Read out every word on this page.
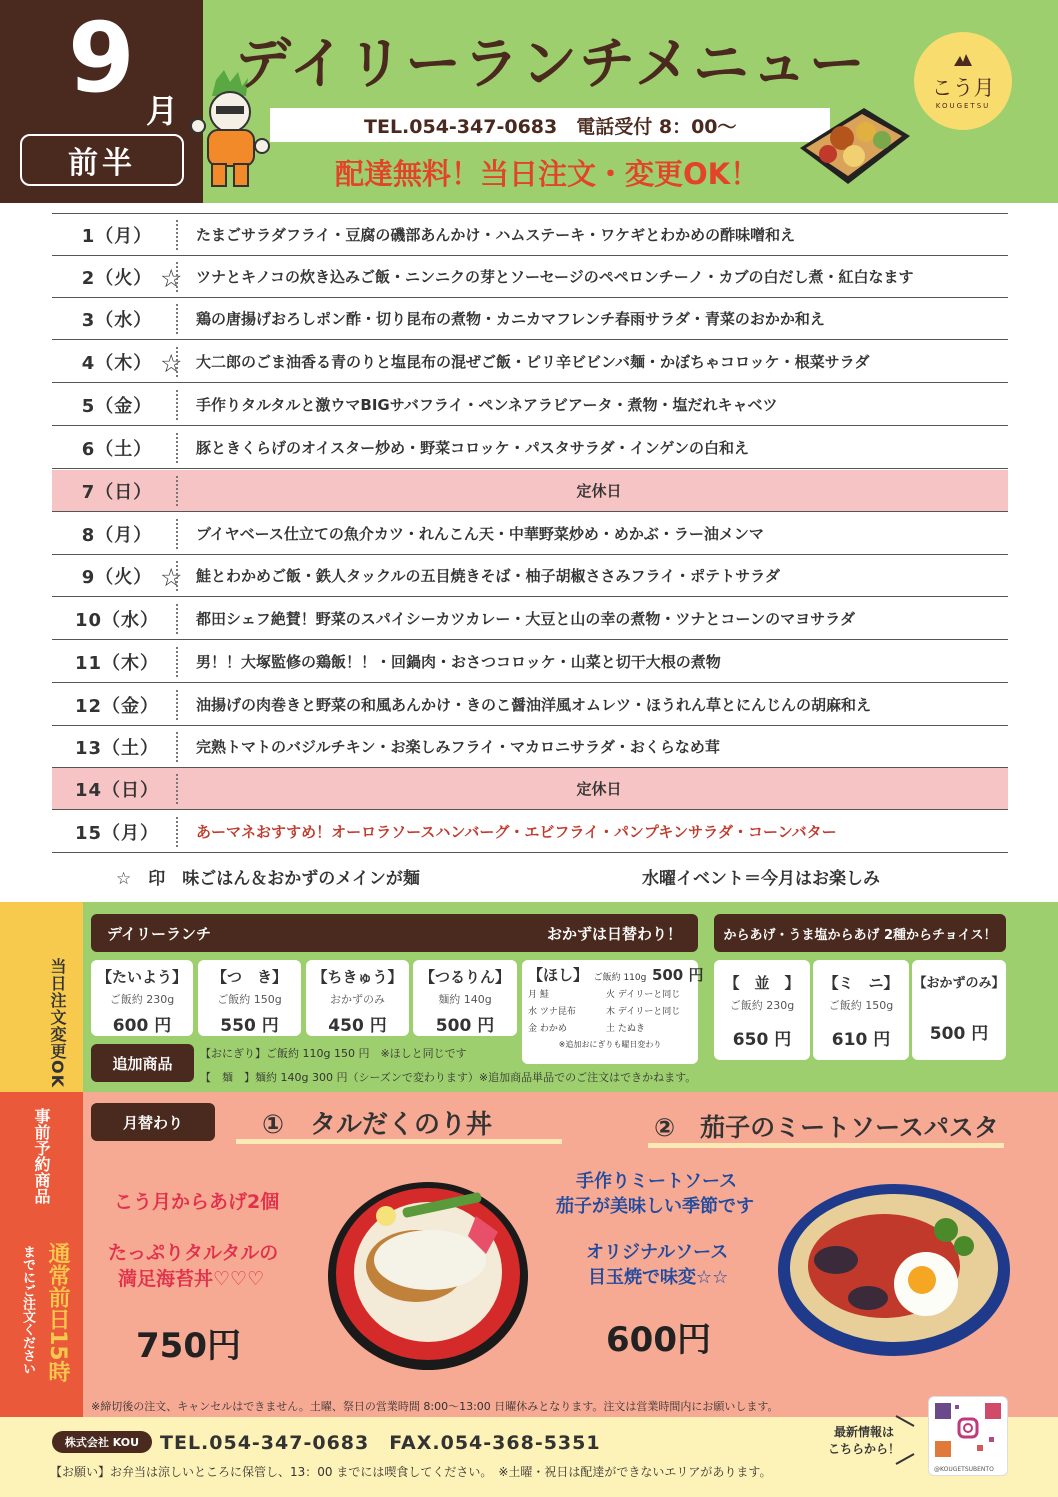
9 月
前半
デイリーランチメニュー
TEL.054-347-0683　電話受付 8：00〜
配達無料！当日注文・変更OK！
こう月
KOUGETSU
1（月）	たまごサラダフライ・豆腐の磯部あんかけ・ハムステーキ・ワケギとわかめの酢味噌和え
2（火） ☆ ツナとキノコの炊き込みご飯・ニンニクの芽とソーセージのペペロンチーノ・カブの白だし煮・紅白なます
3（水）	鶏の唐揚げおろしポン酢・切り昆布の煮物・カニカマフレンチ春雨サラダ・青菜のおかか和え
4（木） ☆ 大二郎のごま油香る青のりと塩昆布の混ぜご飯・ピリ辛ビビンバ麺・かぼちゃコロッケ・根菜サラダ
5（金）	手作りタルタルと激ウマBIGサバフライ・ペンネアラビアータ・煮物・塩だれキャベツ
6（土）	豚ときくらげのオイスター炒め・野菜コロッケ・パスタサラダ・インゲンの白和え
7（日）	定休日
8（月）	ブイヤベース仕立ての魚介カツ・れんこん天・中華野菜炒め・めかぶ・ラー油メンマ
9（火） ☆ 鮭とわかめご飯・鉄人タックルの五目焼きそば・柚子胡椒ささみフライ・ポテトサラダ
10（水）	都田シェフ絶賛！野菜のスパイシーカツカレー・大豆と山の幸の煮物・ツナとコーンのマヨサラダ
11（木）	男！！大塚監修の鶏飯！！・回鍋肉・おさつコロッケ・山菜と切干大根の煮物
12（金）	油揚げの肉巻きと野菜の和風あんかけ・きのこ醤油洋風オムレツ・ほうれん草とにんじんの胡麻和え
13（土）	完熟トマトのバジルチキン・お楽しみフライ・マカロニサラダ・おくらなめ茸
14（日）	定休日
15（月）	あーマネおすすめ！オーロラソースハンバーグ・エビフライ・パンプキンサラダ・コーンバター
☆　印　味ごはん＆おかずのメインが麺	水曜イベント＝今月はお楽しみ
当日注文変更OK
デイリーランチ	おかずは日替わり！	からあげ・うま塩からあげ 2種からチョイス！
【たいよう】
ご飯約 230g
600 円
【つ　き】
ご飯約 150g
550 円
【ちきゅう】
おかずのみ
450 円
【つるりん】
麺約 140g
500 円
【ほし】 ご飯約 110g 500 円
月 鮭	火 デイリーと同じ
水 ツナ昆布	木 デイリーと同じ
金 わかめ	土 たぬき
※追加おにぎりも曜日変わり
【　並　】
ご飯約 230g
650 円
【ミ　ニ】
ご飯約 150g
610 円
【おかずのみ】
500 円
追加商品
【おにぎり】ご飯約 110g 150 円　※ほしと同じです
【　麺　】麺約 140g 300 円（シーズンで変わります）※追加商品単品でのご注文はできかねます。
事前予約商品
通常前日15時
までにご注文ください
月替わり	①　タルだくのり丼	②　茄子のミートソースパスタ
こう月からあげ2個
たっぷりタルタルの
満足海苔丼♡♡♡
750円
手作りミートソース
茄子が美味しい季節です
オリジナルソース
目玉焼で味変☆☆
600円
※締切後の注文、キャンセルはできません。土曜、祭日の営業時間 8:00〜13:00 日曜休みとなります。注文は営業時間内にお願いします。
株式会社 KOU	TEL.054-347-0683　FAX.054-368-5351
【お願い】お弁当は涼しいところに保管し、13：00 までには喫食してください。　※土曜・祝日は配達ができないエリアがあります。
最新情報は
こちらから！
@KOUGETSUBENTO
